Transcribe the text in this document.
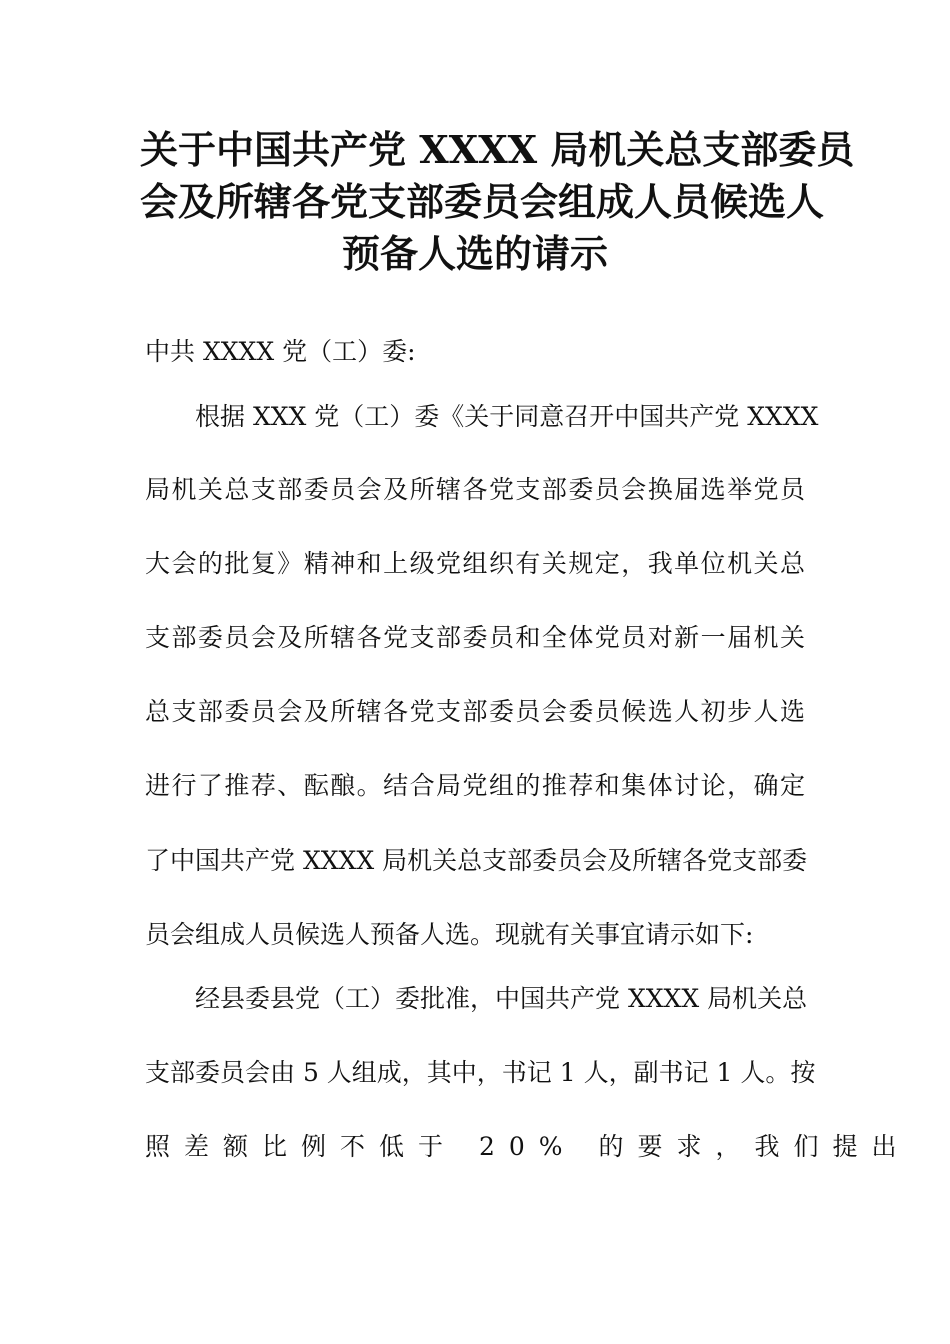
关于中国共产党 XXXX 局机关总支部委员
会及所辖各党支部委员会组成人员候选人
预备人选的请示
中共 XXXX 党（工）委:
根据 XXX 党（工）委《关于同意召开中国共产党 XXXX
局机关总支部委员会及所辖各党支部委员会换届选举党员
大会的批复》精神和上级党组织有关规定，我单位机关总
支部委员会及所辖各党支部委员和全体党员对新一届机关
总支部委员会及所辖各党支部委员会委员候选人初步人选
进行了推荐、酝酿。结合局党组的推荐和集体讨论，确定
了中国共产党 XXXX 局机关总支部委员会及所辖各党支部委
员会组成人员候选人预备人选。现就有关事宜请示如下:
经县委县党（工）委批准，中国共产党 XXXX 局机关总
支部委员会由 5 人组成，其中，书记 1 人，副书记 1 人。按
照差额比例不低于 20% 的要求，我们提出
